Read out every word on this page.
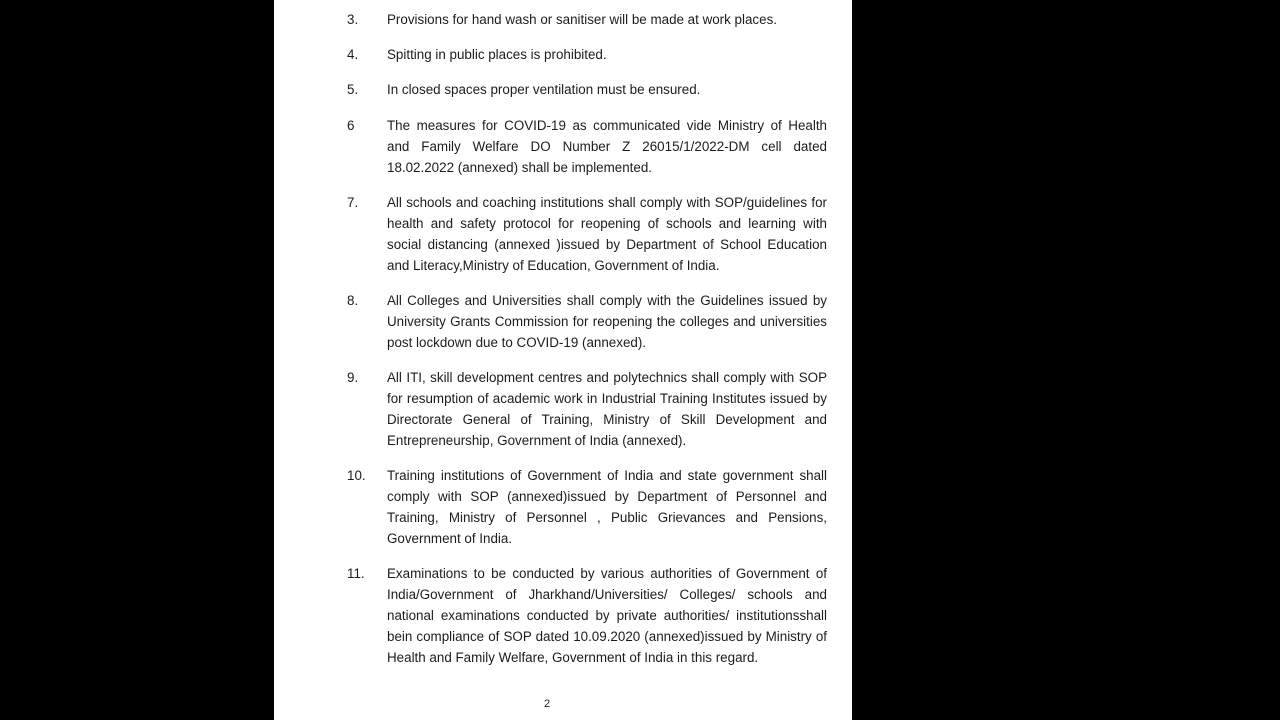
3. Provisions for hand wash or sanitiser will be made at work places.

4. Spitting in public places is prohibited.

5. In closed spaces proper ventilation must be ensured.

6 The measures for COVID-19 as communicated vide Ministry of Health and Family Welfare DO Number Z 26015/1/2022-DM cell dated 18.02.2022 (annexed) shall be implemented.

7. All schools and coaching institutions shall comply with SOP/guidelines for health and safety protocol for reopening of schools and learning with social distancing (annexed )issued by Department of School Education and Literacy,Ministry of Education, Government of India.

8. All Colleges and Universities shall comply with the Guidelines issued by University Grants Commission for reopening the colleges and universities post lockdown due to COVID-19 (annexed).

9. All ITI, skill development centres and polytechnics shall comply with SOP for resumption of academic work in Industrial Training Institutes issued by Directorate General of Training, Ministry of Skill Development and Entrepreneurship, Government of India (annexed).

10. Training institutions of Government of India and state government shall comply with SOP (annexed)issued by Department of Personnel and Training, Ministry of Personnel , Public Grievances and Pensions, Government of India.

11. Examinations to be conducted by various authorities of Government of India/Government of Jharkhand/Universities/ Colleges/ schools and national examinations conducted by private authorities/ institutionsshall bein compliance of SOP dated 10.09.2020 (annexed)issued by Ministry of Health and Family Welfare, Government of India in this regard.

2
